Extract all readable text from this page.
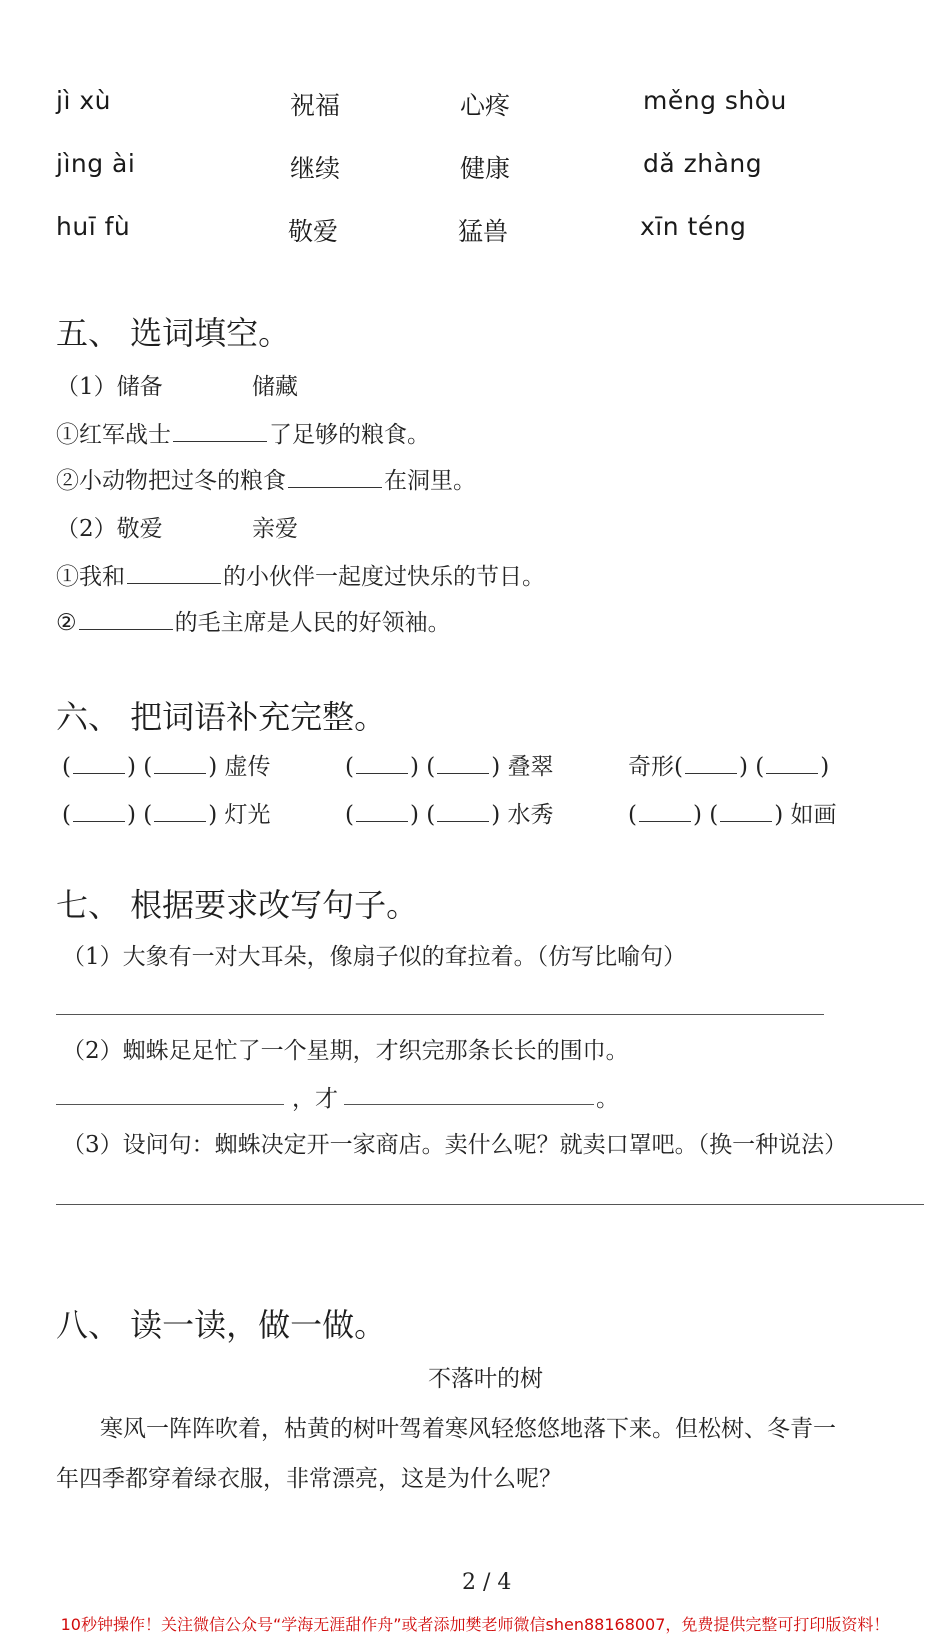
jì xù	祝福	心疼	měng shòu
jìng ài	继续	健康	dǎ zhàng
huī fù	敬爱	猛兽	xīn téng
五、 选词填空。
（1）储备	储藏
①红军战士	了足够的粮食。
②小动物把过冬的粮食	在洞里。
（2）敬爱	亲爱
①我和	的小伙伴一起度过快乐的节日。
②	的毛主席是人民的好领袖。
六、 把词语补充完整。
( ) ( ) 虚传	( ) ( ) 叠翠	奇形( ) ( )
( ) ( ) 灯光	( ) ( ) 水秀	( ) ( ) 如画
七、 根据要求改写句子。
（1）大象有一对大耳朵，像扇子似的耷拉着。（仿写比喻句）
（2）蜘蛛足足忙了一个星期，才织完那条长长的围巾。
，才	。
（3）设问句：蜘蛛决定开一家商店。卖什么呢？就卖口罩吧。（换一种说法）
八、 读一读，做一做。
不落叶的树
寒风一阵阵吹着，枯黄的树叶驾着寒风轻悠悠地落下来。但松树、冬青一
年四季都穿着绿衣服，非常漂亮，这是为什么呢？
2 / 4
10秒钟操作！关注微信公众号“学海无涯甜作舟”或者添加樊老师微信shen88168007，免费提供完整可打印版资料！
